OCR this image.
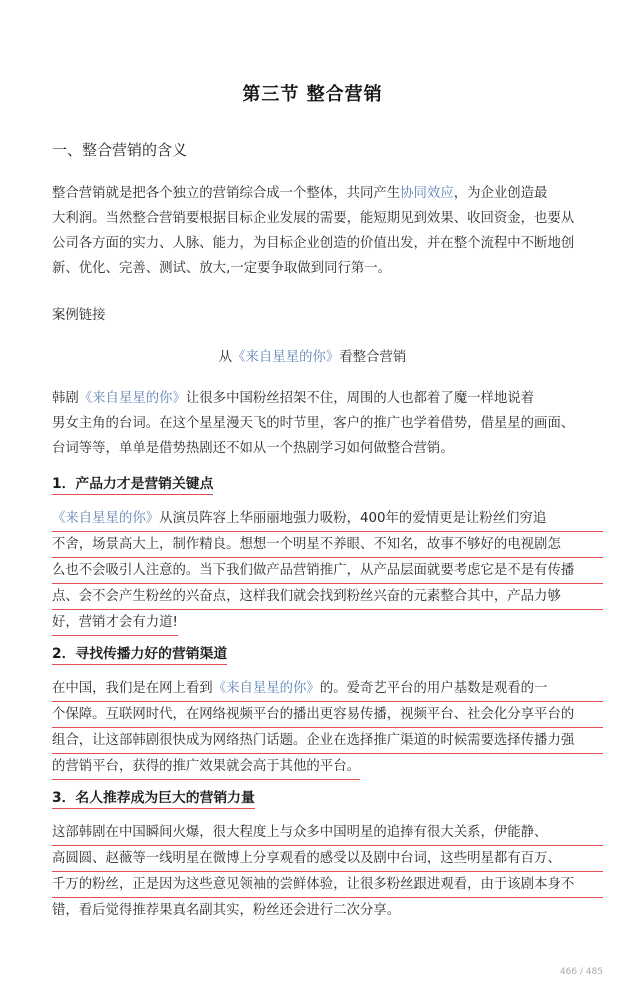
第三节 整合营销
一、整合营销的含义
整合营销就是把各个独立的营销综合成一个整体，共同产生协同效应，为企业创造最
大利润。当然整合营销要根据目标企业发展的需要，能短期见到效果、收回资金，也要从
公司各方面的实力、人脉、能力，为目标企业创造的价值出发，并在整个流程中不断地创
新、优化、完善、测试、放大,一定要争取做到同行第一。
案例链接
从《来自星星的你》看整合营销
韩剧《来自星星的你》让很多中国粉丝招架不住，周围的人也都着了魔一样地说着
男女主角的台词。在这个星星漫天飞的时节里，客户的推广也学着借势，借星星的画面、
台词等等，单单是借势热剧还不如从一个热剧学习如何做整合营销。
1．产品力才是营销关键点
《来自星星的你》从演员阵容上华丽丽地强力吸粉，400年的爱情更是让粉丝们穷追
不舍，场景高大上，制作精良。想想一个明星不养眼、不知名，故事不够好的电视剧怎
么也不会吸引人注意的。当下我们做产品营销推广，从产品层面就要考虑它是不是有传播
点、会不会产生粉丝的兴奋点，这样我们就会找到粉丝兴奋的元素整合其中，产品力够
好，营销才会有力道!
2．寻找传播力好的营销渠道
在中国，我们是在网上看到《来自星星的你》的。爱奇艺平台的用户基数是观看的一
个保障。互联网时代，在网络视频平台的播出更容易传播，视频平台、社会化分享平台的
组合，让这部韩剧很快成为网络热门话题。企业在选择推广渠道的时候需要选择传播力强
的营销平台，获得的推广效果就会高于其他的平台。
3．名人推荐成为巨大的营销力量
这部韩剧在中国瞬间火爆，很大程度上与众多中国明星的追捧有很大关系，伊能静、
高圆圆、赵薇等一线明星在微博上分享观看的感受以及剧中台词，这些明星都有百万、
千万的粉丝，正是因为这些意见领袖的尝鲜体验，让很多粉丝跟进观看，由于该剧本身不
错，看后觉得推荐果真名副其实，粉丝还会进行二次分享。
466 / 485
